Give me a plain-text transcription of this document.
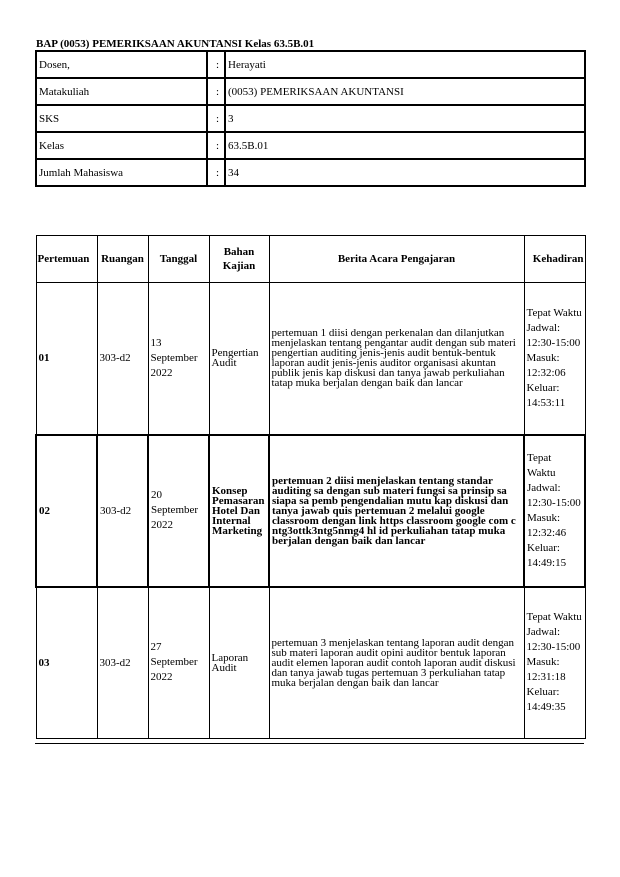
BAP (0053) PEMERIKSAAN AKUNTANSI Kelas 63.5B.01
Dosen,	:	Herayati
Matakuliah	:	(0053) PEMERIKSAAN AKUNTANSI
SKS	:	3
Kelas	:	63.5B.01
Jumlah Mahasiswa	:	34
Pertemuan	Ruangan	Tanggal	Bahan Kajian	Berita Acara Pengajaran	Kehadiran
01	303-d2	13 September 2022	Pengertian Audit	pertemuan 1 diisi dengan perkenalan dan dilanjutkan menjelaskan tentang pengantar audit dengan sub materi pengertian auditing jenis-jenis audit bentuk-bentuk laporan audit jenis-jenis auditor organisasi akuntan publik jenis kap diskusi dan tanya jawab perkuliahan tatap muka berjalan dengan baik dan lancar	Tepat Waktu Jadwal: 12:30-15:00 Masuk: 12:32:06 Keluar: 14:53:11
02	303-d2	20 September 2022	Konsep Pemasaran Hotel Dan Internal Marketing	pertemuan 2 diisi menjelaskan tentang standar auditing sa dengan sub materi fungsi sa prinsip sa siapa sa pemb pengendalian mutu kap diskusi dan tanya jawab quis pertemuan 2 melalui google classroom dengan link https classroom google com c ntg3ottk3ntg5nmg4 hl id perkuliahan tatap muka berjalan dengan baik dan lancar	Tepat Waktu Jadwal: 12:30-15:00 Masuk: 12:32:46 Keluar: 14:49:15
03	303-d2	27 September 2022	Laporan Audit	pertemuan 3 menjelaskan tentang laporan audit dengan sub materi laporan audit opini auditor bentuk laporan audit elemen laporan audit contoh laporan audit diskusi dan tanya jawab tugas pertemuan 3 perkuliahan tatap muka berjalan dengan baik dan lancar	Tepat Waktu Jadwal: 12:30-15:00 Masuk: 12:31:18 Keluar: 14:49:35
